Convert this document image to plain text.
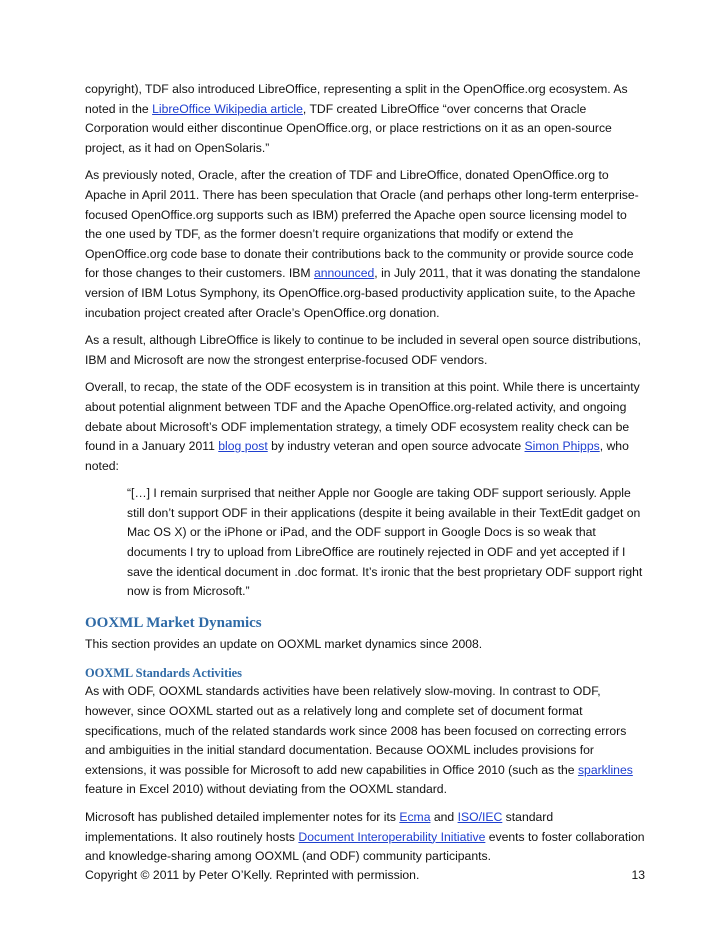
copyright), TDF also introduced LibreOffice, representing a split in the OpenOffice.org ecosystem. As noted in the LibreOffice Wikipedia article, TDF created LibreOffice “over concerns that Oracle Corporation would either discontinue OpenOffice.org, or place restrictions on it as an open-source project, as it had on OpenSolaris.”

As previously noted, Oracle, after the creation of TDF and LibreOffice, donated OpenOffice.org to Apache in April 2011. There has been speculation that Oracle (and perhaps other long-term enterprise-focused OpenOffice.org supports such as IBM) preferred the Apache open source licensing model to the one used by TDF, as the former doesn’t require organizations that modify or extend the OpenOffice.org code base to donate their contributions back to the community or provide source code for those changes to their customers. IBM announced, in July 2011, that it was donating the standalone version of IBM Lotus Symphony, its OpenOffice.org-based productivity application suite, to the Apache incubation project created after Oracle’s OpenOffice.org donation.

As a result, although LibreOffice is likely to continue to be included in several open source distributions, IBM and Microsoft are now the strongest enterprise-focused ODF vendors.

Overall, to recap, the state of the ODF ecosystem is in transition at this point. While there is uncertainty about potential alignment between TDF and the Apache OpenOffice.org-related activity, and ongoing debate about Microsoft’s ODF implementation strategy, a timely ODF ecosystem reality check can be found in a January 2011 blog post by industry veteran and open source advocate Simon Phipps, who noted:

“[…] I remain surprised that neither Apple nor Google are taking ODF support seriously. Apple still don’t support ODF in their applications (despite it being available in their TextEdit gadget on Mac OS X) or the iPhone or iPad, and the ODF support in Google Docs is so weak that documents I try to upload from LibreOffice are routinely rejected in ODF and yet accepted if I save the identical document in .doc format. It’s ironic that the best proprietary ODF support right now is from Microsoft.”

OOXML Market Dynamics

This section provides an update on OOXML market dynamics since 2008.

OOXML Standards Activities

As with ODF, OOXML standards activities have been relatively slow-moving. In contrast to ODF, however, since OOXML started out as a relatively long and complete set of document format specifications, much of the related standards work since 2008 has been focused on correcting errors and ambiguities in the initial standard documentation. Because OOXML includes provisions for extensions, it was possible for Microsoft to add new capabilities in Office 2010 (such as the sparklines feature in Excel 2010) without deviating from the OOXML standard.

Microsoft has published detailed implementer notes for its Ecma and ISO/IEC standard implementations. It also routinely hosts Document Interoperability Initiative events to foster collaboration and knowledge-sharing among OOXML (and ODF) community participants.

Copyright © 2011 by Peter O’Kelly. Reprinted with permission.	13
